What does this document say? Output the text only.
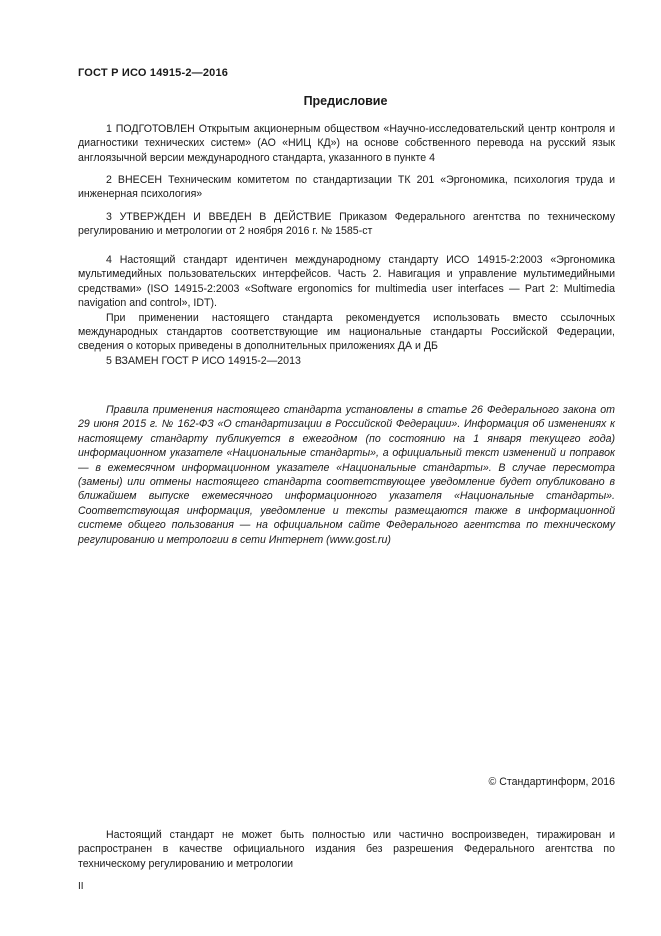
ГОСТ Р ИСО 14915-2—2016
Предисловие

1 ПОДГОТОВЛЕН Открытым акционерным обществом «Научно-исследовательский центр контроля и диагностики технических систем» (АО «НИЦ КД») на основе собственного перевода на русский язык англоязычной версии международного стандарта, указанного в пункте 4

2 ВНЕСЕН Техническим комитетом по стандартизации ТК 201 «Эргономика, психология труда и инженерная психология»

3 УТВЕРЖДЕН И ВВЕДЕН В ДЕЙСТВИЕ Приказом Федерального агентства по техническому регулированию и метрологии от 2 ноября 2016 г. № 1585-ст

4 Настоящий стандарт идентичен международному стандарту ИСО 14915-2:2003 «Эргономика мультимедийных пользовательских интерфейсов. Часть 2. Навигация и управление мультимедийными средствами» (ISO 14915-2:2003 «Software ergonomics for multimedia user interfaces — Part 2: Multimedia navigation and control», IDT).

При применении настоящего стандарта рекомендуется использовать вместо ссылочных международных стандартов соответствующие им национальные стандарты Российской Федерации, сведения о которых приведены в дополнительных приложениях ДА и ДБ

5 ВЗАМЕН ГОСТ Р ИСО 14915-2—2013

Правила применения настоящего стандарта установлены в статье 26 Федерального закона от 29 июня 2015 г. № 162-ФЗ «О стандартизации в Российской Федерации». Информация об изменениях к настоящему стандарту публикуется в ежегодном (по состоянию на 1 января текущего года) информационном указателе «Национальные стандарты», а официальный текст изменений и поправок — в ежемесячном информационном указателе «Национальные стандарты». В случае пересмотра (замены) или отмены настоящего стандарта соответствующее уведомление будет опубликовано в ближайшем выпуске ежемесячного информационного указателя «Национальные стандарты». Соответствующая информация, уведомление и тексты размещаются также в информационной системе общего пользования — на официальном сайте Федерального агентства по техническому регулированию и метрологии в сети Интернет (www.gost.ru)

© Стандартинформ, 2016

Настоящий стандарт не может быть полностью или частично воспроизведен, тиражирован и распространен в качестве официального издания без разрешения Федерального агентства по техническому регулированию и метрологии

II
